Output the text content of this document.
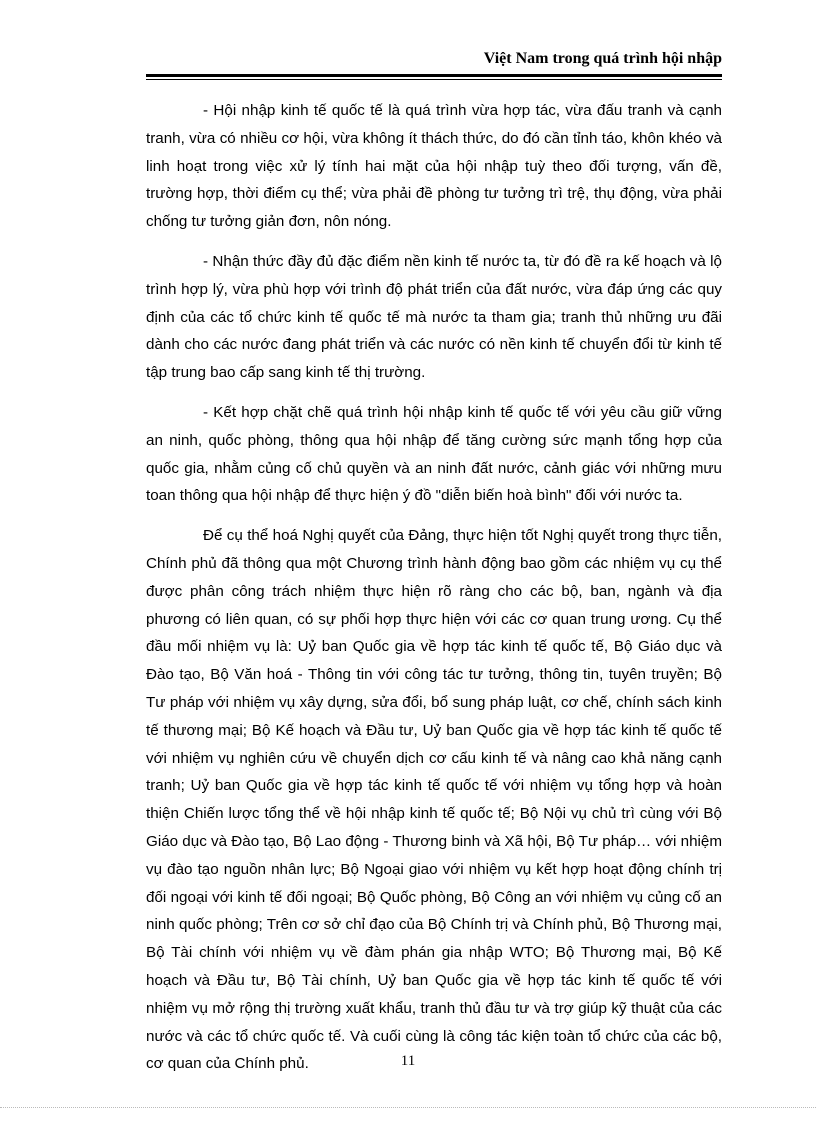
Việt Nam trong quá trình hội nhập

- Hội nhập kinh tế quốc tế là quá trình vừa hợp tác, vừa đấu tranh và cạnh tranh, vừa có nhiều cơ hội, vừa không ít thách thức, do đó cần tỉnh táo, khôn khéo và linh hoạt trong việc xử lý tính hai mặt của hội nhập tuỳ theo đối tượng, vấn đề, trường hợp, thời điểm cụ thể; vừa phải đề phòng tư tưởng trì trệ, thụ động, vừa phải chống tư tưởng giản đơn, nôn nóng.

- Nhận thức đầy đủ đặc điểm nền kinh tế nước ta, từ đó đề ra kế hoạch và lộ trình hợp lý, vừa phù hợp với trình độ phát triển của đất nước, vừa đáp ứng các quy định của các tổ chức kinh tế quốc tế mà nước ta tham gia; tranh thủ những ưu đãi dành cho các nước đang phát triển và các nước có nền kinh tế chuyển đổi từ kinh tế tập trung bao cấp sang kinh tế thị trường.

- Kết hợp chặt chẽ quá trình hội nhập kinh tế quốc tế với yêu cầu giữ vững an ninh, quốc phòng, thông qua hội nhập để tăng cường sức mạnh tổng hợp của quốc gia, nhằm củng cố chủ quyền và an ninh đất nước, cảnh giác với những mưu toan thông qua hội nhập để thực hiện ý đồ "diễn biến hoà bình" đối với nước ta.

Để cụ thể hoá Nghị quyết của Đảng, thực hiện tốt Nghị quyết trong thực tiễn, Chính phủ đã thông qua một Chương trình hành động bao gồm các nhiệm vụ cụ thể được phân công trách nhiệm thực hiện rõ ràng cho các bộ, ban, ngành và địa phương có liên quan, có sự phối hợp thực hiện với các cơ quan trung ương. Cụ thể đầu mối nhiệm vụ là: Uỷ ban Quốc gia về hợp tác kinh tế quốc tế, Bộ Giáo dục và Đào tạo, Bộ Văn hoá - Thông tin với công tác tư tưởng, thông tin, tuyên truyền; Bộ Tư pháp với nhiệm vụ xây dựng, sửa đổi, bổ sung pháp luật, cơ chế, chính sách kinh tế thương mại; Bộ Kế hoạch và Đầu tư, Uỷ ban Quốc gia về hợp tác kinh tế quốc tế với nhiệm vụ nghiên cứu về chuyển dịch cơ cấu kinh tế và nâng cao khả năng cạnh tranh; Uỷ ban Quốc gia về hợp tác kinh tế quốc tế với nhiệm vụ tổng hợp và hoàn thiện Chiến lược tổng thể về hội nhập kinh tế quốc tế; Bộ Nội vụ chủ trì cùng với Bộ Giáo dục và Đào tạo, Bộ Lao động - Thương binh và Xã hội, Bộ Tư pháp… với nhiệm vụ đào tạo nguồn nhân lực; Bộ Ngoại giao với nhiệm vụ kết hợp hoạt động chính trị đối ngoại với kinh tế đối ngoại; Bộ Quốc phòng, Bộ Công an với nhiệm vụ củng cố an ninh quốc phòng; Trên cơ sở chỉ đạo của Bộ Chính trị và Chính phủ, Bộ Thương mại, Bộ Tài chính với nhiệm vụ về đàm phán gia nhập WTO; Bộ Thương mại, Bộ Kế hoạch và Đầu tư, Bộ Tài chính, Uỷ ban Quốc gia về hợp tác kinh tế quốc tế với nhiệm vụ mở rộng thị trường xuất khẩu, tranh thủ đầu tư và trợ giúp kỹ thuật của các nước và các tổ chức quốc tế. Và cuối cùng là công tác kiện toàn tổ chức của các bộ, cơ quan của Chính phủ.	11
